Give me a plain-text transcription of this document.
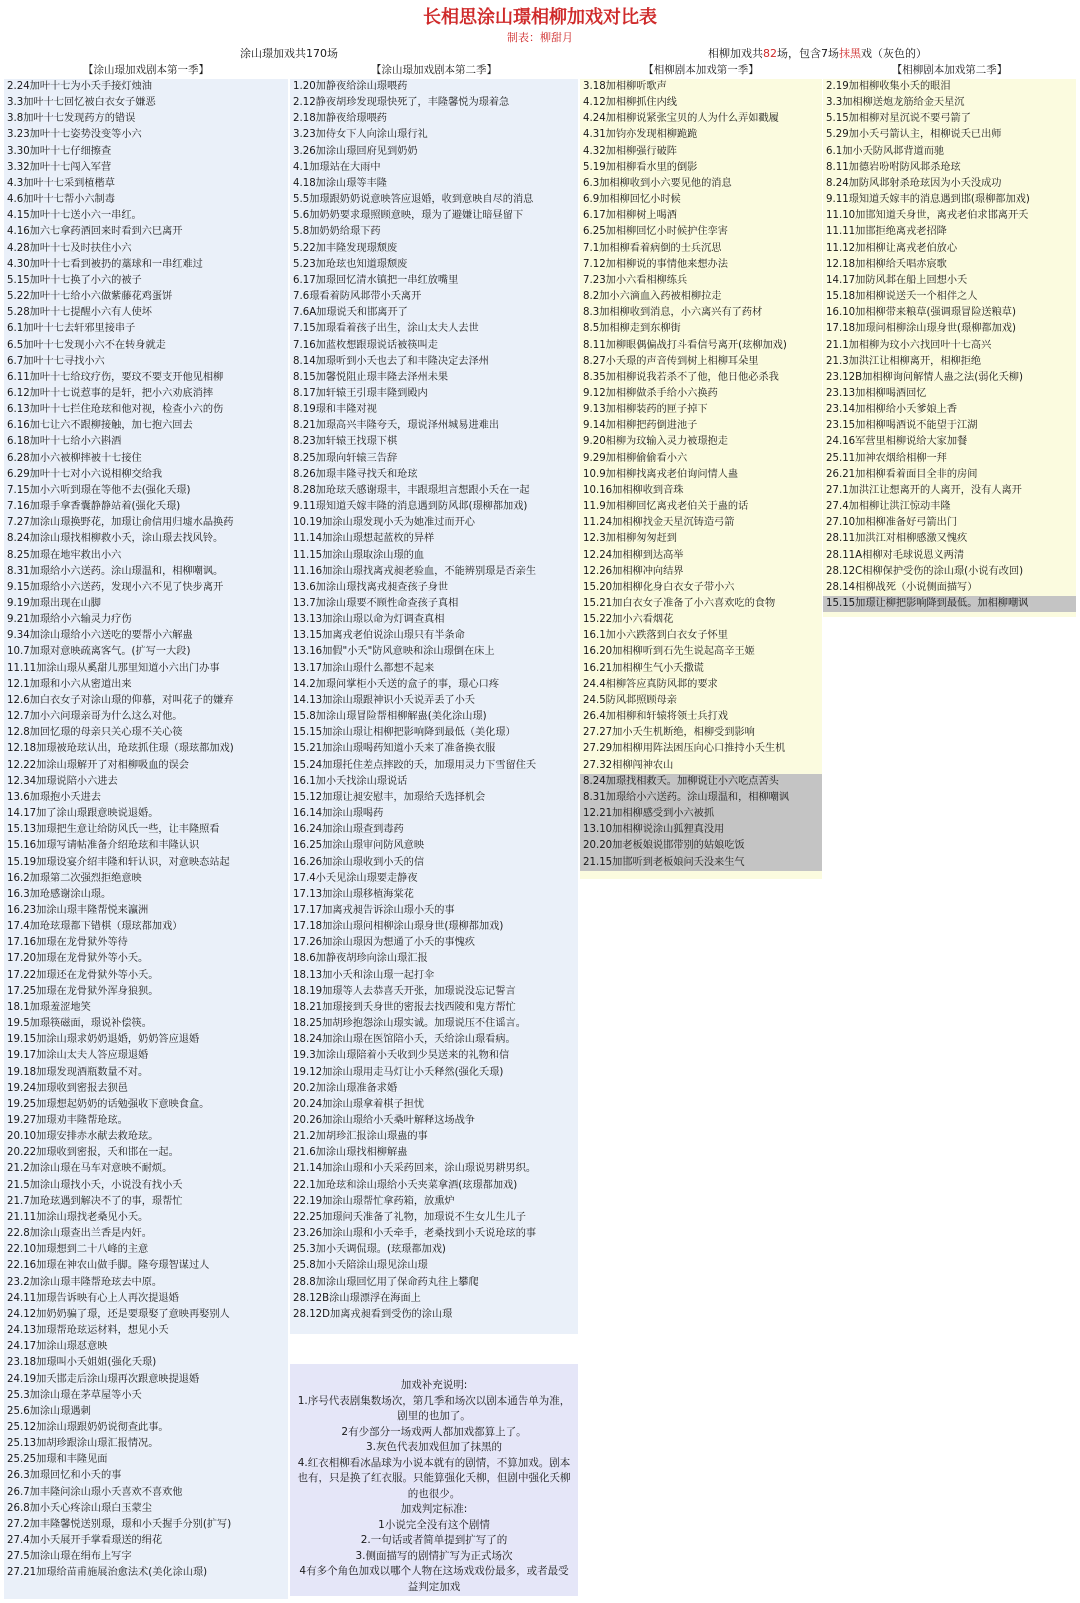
长相思涂山璟相柳加戏对比表
制表：柳甜月
涂山璟加戏共170场	相柳加戏共82场，包含7场抹黑戏（灰色的）
【涂山璟加戏剧本第一季】	【涂山璟加戏剧本第二季】	【相柳剧本加戏第一季】	【相柳剧本加戏第二季】
2.24加叶十七为小夭手接灯烛油
3.3加叶十七回忆被白衣女子嫌恶
3.8加叶十七发现药方的错误
3.23加叶十七姿势没变等小六
3.30加叶十七仔细擦查
3.32加叶十七闯入军营
4.3加叶十七采到植楷草
4.6加叶十七帮小六制毒
4.15加叶十七送小六一串红。
4.16加六七拿药酒回来时看到六巳离开
4.28加叶十七及时扶住小六
4.30加叶十七看到被扔的藁球和一串红难过
5.15加叶十七换了小六的被子
5.22加叶十七给小六做紫藤花鸡蛋饼
5.28加叶十七提醒小六有人使坏
6.1加叶十七去轩邪里接串子
6.5加叶十七发现小六不在转身就走
6.7加叶十七寻找小六
6.11加叶十七给玟疗伤，要玟不要支开他见相柳
6.12加叶十七说惹事的是轩，把小六劝底消摔
6.13加叶十七拦住玱玹和他对视，检查小六的伤
6.16加七让六不跟柳接触，加七抱六回去
6.18加叶十七给小六斟酒
6.28加小六被柳摔被十七接住
6.29加叶十七对小六说相柳交给我
7.15加小六听到璟在等他不去(强化夭璟)
7.16加璟手拿香囊静静站着(强化夭璟)
7.27加涂山璟换野花，加璟让俞信用归墟水晶换药
8.24加涂山璟找相柳救小夭，涂山璟去找风铃。
8.25加璟在地牢救出小六
8.31加璟给小六送药。涂山璟温和，相柳嘲讽。
9.15加璟给小六送药，发现小六不见了快步离开
9.19加璟出现在山脚
9.21加璟给小六输灵力疗伤
9.34加涂山璟给小六送吃的要帮小六解蛊
10.7加璟对意映疏离客气。(扩写一大段)
11.11加涂山璟从奚甜儿那里知道小六出门办事
12.1加璟和小六从密道出来
12.6加白衣女子对涂山璟的仰慕，对叫花子的嫌弃
12.7加小六问璟亲哥为什么这么对他。
12.8加回忆璟的母亲只关心璟不关心篌
12.18加璟被玱玹认出，玱玹抓住璟（璟玹都加戏)
12.22加涂山璟解开了对相柳吸血的误会
12.34加璟说陪小六进去
13.6加璟抱小夭进去
14.17加了涂山璟跟意映说退婚。
15.13加璟把生意让给防风氏一些，让丰隆照看
15.16加璟写请帖准备介绍玱玹和丰隆认识
15.19加璟设宴介绍丰隆和轩认识，对意映态站起
16.2加璟第二次强烈拒绝意映
16.3加玱感谢涂山璟。
16.23加涂山璟丰隆帮悦来瀛洲
17.4加玱玹璟都下错棋（璟玹都加戏）
17.16加璟在龙骨狱外等待
17.20加璟在龙骨狱外等小夭。
17.22加璟还在龙骨狱外等小夭。
17.25加璟在龙骨狱外浑身狼狈。
18.1加璟羞涩地笑
19.5加璟筷磁面，璟说补偿筷。
19.15加涂山璟求奶奶退婚，奶奶答应退婚
19.17加涂山太夫人答应璟退婚
19.18加璟发现酒瓶数量不对。
19.24加璟收到密报去狈邑
19.25加璟想起奶奶的话勉强收下意映食盒。
19.27加璟劝丰隆帮玱玹。
20.10加璟安排赤水献去救玱玹。
20.22加璟收到密报，夭和邯在一起。
21.2加涂山璟在马车对意映不耐烦。
21.5加涂山璟找小夭，小说没有找小夭
21.7加玱玹遇到解决不了的事，璟帮忙
21.11加涂山璟找老桑见小夭。
22.8加涂山璟查出兰香是内奸。
22.10加璟想到二十八峰的主意
22.16加璟在神农山做手脚。隆夸璟智谋过人
23.2加涂山璟丰隆帮玱玹去中原。
24.11加璟告诉映有心上人再次提退婚
24.12加奶奶骗了璟，还是要璟娶了意映再娶别人
24.13加璟帮玱玹运材料，想见小夭
24.17加涂山璟怼意映
23.18加璟叫小夭姐姐(强化夭璟)
24.19加夭邯走后涂山璟再次跟意映提退婚
25.3加涂山璟在茅草屋等小夭
25.6加涂山璟遇刺
25.12加涂山璟跟奶奶说彻查此事。
25.13加胡珍跟涂山璟汇报情况。
25.25加璟和丰隆见面
26.3加璟回忆和小夭的事
26.7加丰隆问涂山璟小夭喜欢不喜欢他
26.8加小夭心疼涂山璟白玉蒙尘
27.2加丰隆馨悦送别璟，璟和小夭握手分别(扩写)
27.4加小夭展开手掌看璟送的绢花
27.5加涂山璟在绢布上写字
27.21加璟给苗甫施展治愈法术(美化涂山璟)
1.20加静夜给涂山璟喂药
2.12静夜胡珍发现璟快死了，丰隆馨悦为璟着急
2.18加静夜给璟喂药
3.23加侍女下人向涂山璟行礼
3.26加涂山璟回府见到奶奶
4.1加璟站在大雨中
4.18加涂山璟等丰隆
5.5加璟跟奶奶说意映答应退婚，收到意映自尽的消息
5.6加奶奶要求璟照顾意映，璟为了避嫌让暗昼留下
5.8加奶奶给璟下药
5.22加丰隆发现璟颓废
5.23加玱玹也知道璟颓废
6.17加璟回忆清水镇把一串红放嘴里
7.6璟看着防风邶带小夭离开
7.6A加璟说夭和邯离开了
7.15加璟看着孩子出生，涂山太夫人去世
7.16加蓝枚想跟璟说话被筷叫走
8.14加璟听到小夭也去了和丰隆决定去泽州
8.15加馨悦阻止璟丰隆去泽州未果
8.17加轩辕王引璟丰隆到殿内
8.19璟和丰隆对视
8.21加璟高兴丰隆夸夭，璟说泽州城易进难出
8.23加轩辕王找璟下棋
8.25加璟向轩辕三告辞
8.26加璟丰隆寻找夭和玱玹
8.28加玱玹夭感谢璟丰，丰跟璟坦言想跟小夭在一起
9.11璟知道夭嫁丰隆的消息遇到防风邶(璟柳都加戏)
10.19加涂山璟发现小夭为她准过而开心
11.14加涂山璟想起蓝枚的异样
11.15加涂山璟取涂山璟的血
11.16加涂山璟找离戎昶老验血，不能辨别璟是否亲生
13.6加涂山璟找离戎昶查孩子身世
13.7加涂山璟要不顾性命查孩子真相
13.13加涂山璟以命为灯调查真相
13.15加离戎老伯说涂山璟只有半条命
13.16加假"小夭"防风意映和涂山璟倒在床上
13.17加涂山璟什么都想不起来
14.2加璟问掌柜小夭送的盒子的事，璟心口疼
14.13加涂山璟跟神识小夭说弄丢了小夭
15.8加涂山璟冒险帮相柳解蛊(美化涂山璟)
15.15加涂山璟让相柳把影响降到最低（美化璟）
15.21加涂山璟喝药知道小夭来了准备换衣服
15.24加璟托住差点摔跤的夭，加璟用灵力下雪留住夭
16.1加小夭找涂山璟说话
15.12加璟让昶安慰丰，加璟给夭选择机会
16.14加涂山璟喝药
16.24加涂山璟查到毒药
16.25加涂山璟审问防风意映
16.26加涂山璟收到小夭的信
17.4小夭见涂山璟要走静夜
17.13加涂山璟移植海棠花
17.17加离戎昶告诉涂山璟小夭的事
17.18加涂山璟问相柳涂山璟身世(璟柳都加戏)
17.26加涂山璟因为想通了小夭的事愧疚
18.6加静夜胡珍向涂山璟汇报
18.13加小夭和涂山璟一起打伞
18.19加璟等人去恭喜夭开张，加璟说没忘记誓言
18.21加璟接到夭身世的密报去找西陵和鬼方帮忙
18.25加胡珍抱怨涂山璟实诚。加璟说压不住谣言。
18.24加涂山璟在医馆陪小夭，夭给涂山璟看病。
19.3加涂山璟陪着小夭收到少昊送来的礼物和信
19.12加涂山璟用走马灯让小夭释然(强化夭璟)
20.2加涂山璟准备求婚
20.24加涂山璟拿着棋子担忧
20.26加涂山璟给小夭桑叶解释这场战争
21.2加胡珍汇报涂山璟蛊的事
21.6加涂山璟找相柳解蛊
21.14加涂山璟和小夭采药回来，涂山璟说男耕男织。
22.1加玱玹和涂山璟给小夭夹菜拿酒(玹璟都加戏)
22.19加涂山璟帮忙拿药箱，放熏炉
22.25加璟问夭准备了礼物，加璟说不生女儿生儿子
23.26加涂山璟和小夭牵手，老桑找到小夭说玱玹的事
25.3加小夭调侃璟。(玹璟都加戏)
25.8加小夭陪涂山璟见涂山璟
28.8加涂山璟回忆用了保命药丸往上攀爬
28.12B涂山璟漂浮在海面上
28.12D加离戎昶看到受伤的涂山璟
3.18加相柳听歌声
4.12加相柳抓住内线
4.24加相柳说紧张宝贝的人为什么弄如戳履
4.31加钧亦发现相柳跪跪
4.32加相柳强行破阵
5.19加相柳看水里的倒影
6.3加相柳收到小六要见他的消息
6.9加相柳回忆小时候
6.17加相柳树上喝酒
6.25加相柳回忆小时候护住孪害
7.1加相柳看着病倒的士兵沉思
7.12加相柳说的事情他来想办法
7.23加小六看相柳练兵
8.2加小六滴血入药被相柳拉走
8.3加相柳收到消息，小六离兴有了药材
8.5加相柳走到东柳街
8.11加柳眼偶偏战打斗看信号离开(玹柳加戏)
8.27小夭璟的声音传到树上相柳耳朵里
8.35加相柳说我若杀不了他，他日他必杀我
9.12加相柳做杀手给小六换药
9.13加相柳装药的匣子掉下
9.14加相柳把药倒进池子
9.20相柳为玟输入灵力被璟抱走
9.29加相柳偷偷看小六
10.9加相柳找离戎老伯询问情人蛊
10.16加相柳收到音珠
11.9加相柳回忆离戎老伯关于蛊的话
11.24加相柳找金天星沉铸造弓箭
12.3加相柳匆匆赶到
12.24加相柳到达高举
12.26加相柳冲向结界
15.20加相柳化身白衣女子带小六
15.21加白衣女子准备了小六喜欢吃的食物
15.22加小六看烟花
16.1加小六跌落到白衣女子怀里
16.20加相柳听到石先生说起高辛王姬
16.21加相柳生气小夭撒谎
24.4相柳答应真防风邶的要求
24.5防风邶照顾母亲
26.4加相柳和轩辕将领士兵打戏
27.27加小夭生机断绝，相柳受到影响
27.29加相柳用阵法困压向心口推持小夭生机
27.32相柳闯神农山
8.24加璟找相救夭。加柳说让小六吃点苦头
8.31加璟给小六送药。涂山璟温和，相柳嘲讽
12.21加相柳感受到小六被抓
13.10加相柳说涂山狐狸真没用
20.20加老板娘说邯带别的姑娘吃饭
21.15加邯听到老板娘问夭没来生气
2.19加相柳收集小夭的眼泪
3.3加相柳送炮龙筋给金天星沉
5.15加相柳对星沉说不要弓箭了
5.29加小夭弓箭认主，相柳说夭已出师
6.1加小夭防风邶背道而驰
8.11加德岩吩咐防风邶杀玱玹
8.24加防风邶射杀玱玹因为小夭没成功
9.11璟知道夭嫁丰的消息遇到邯(璟柳都加戏)
11.10加邯知道夭身世，离戎老伯求邯离开夭
11.11加邯拒绝离戎老招降
11.12加相柳让离戎老伯放心
12.18加相柳给夭唱赤宸歌
14.17加防风邶在船上回想小夭
15.18加相柳说送夭一个相伴之人
16.10加相柳带来粮草(强调璟冒险送粮草)
17.18加璟问相柳涂山璟身世(璟柳都加戏)
21.1加相柳为玟小六找回叶十七高兴
21.3加洪江让相柳离开，相柳拒绝
23.12B加相柳询问解情人蛊之法(弱化夭柳)
23.13加相柳喝酒回忆
23.14加相柳给小夭爹娘上香
23.15加相柳喝酒说不能望于江湖
24.16军营里相柳说给大家加餐
25.11加神农烟给相柳一拜
26.21加相柳看着面目全非的房间
27.1加洪江让想离开的人离开，没有人离开
27.4加相柳让洪江惊动丰隆
27.10加相柳准备好弓箭出门
28.11加洪江对相柳感激又愧疚
28.11A相柳对毛球说恩义两清
28.12C相柳保护受伤的涂山璟(小说有改回)
28.14相柳战死（小说侧面描写）
15.15加璟让柳把影响降到最低。加相柳嘲讽
加戏补充说明:
1.序号代表剧集数场次，第几季和场次以剧本通告单为准，剧里的也加了。
2有少部分一场戏两人都加戏都算上了。
3.灰色代表加戏但加了抹黑的
4.红衣相柳看冰晶球为小说本就有的剧情，不算加戏。剧本也有，只是换了红衣服。只能算强化夭柳，但剧中强化夭柳的也很少。
加戏判定标准:
1小说完全没有这个剧情
2.一句话或者简单提到扩写了的
3.侧面描写的剧情扩写为正式场次
4有多个角色加戏以哪个人物在这场戏戏份最多，或者最受益判定加戏
